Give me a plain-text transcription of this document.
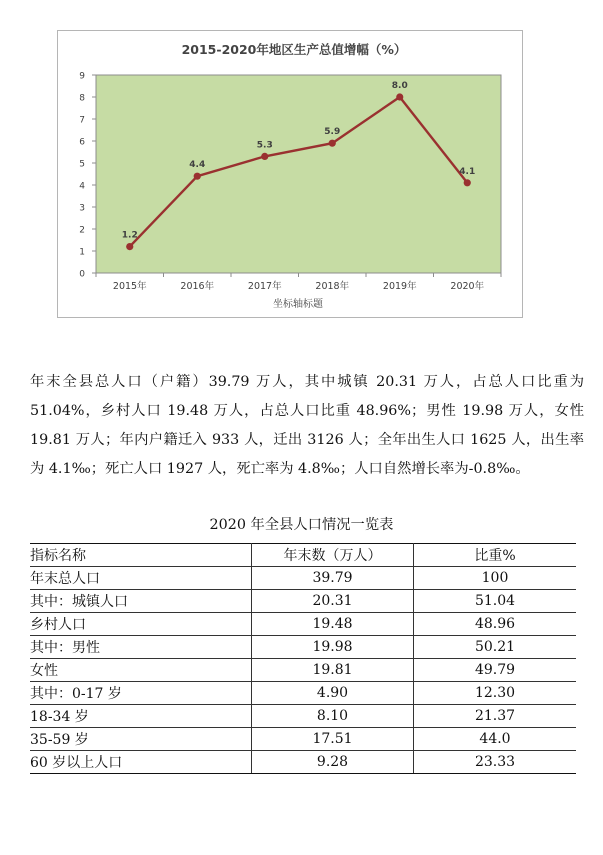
2015-2020年地区生产总值增幅（%）
0
1
2
3
4
5
6
7
8
9
2015年	2016年	2017年	2018年	2019年	2020年
1.2
4.4
5.3
5.9
8.0
4.1
坐标轴标题

年末全县总人口（户籍）39.79 万人，其中城镇 20.31 万人，占总人口比重为 51.04%，乡村人口 19.48 万人，占总人口比重 48.96%；男性 19.98 万人，女性 19.81 万人；年内户籍迁入 933 人，迁出 3126 人；全年出生人口 1625 人，出生率为 4.1‰；死亡人口 1927 人，死亡率为 4.8‰；人口自然增长率为-0.8‰。

2020 年全县人口情况一览表

指标名称	年末数（万人）	比重%
年末总人口	39.79	100
其中：城镇人口	20.31	51.04
乡村人口	19.48	48.96
其中：男性	19.98	50.21
女性	19.81	49.79
其中：0-17 岁	4.90	12.30
18-34 岁	8.10	21.37
35-59 岁	17.51	44.0
60 岁以上人口	9.28	23.33
